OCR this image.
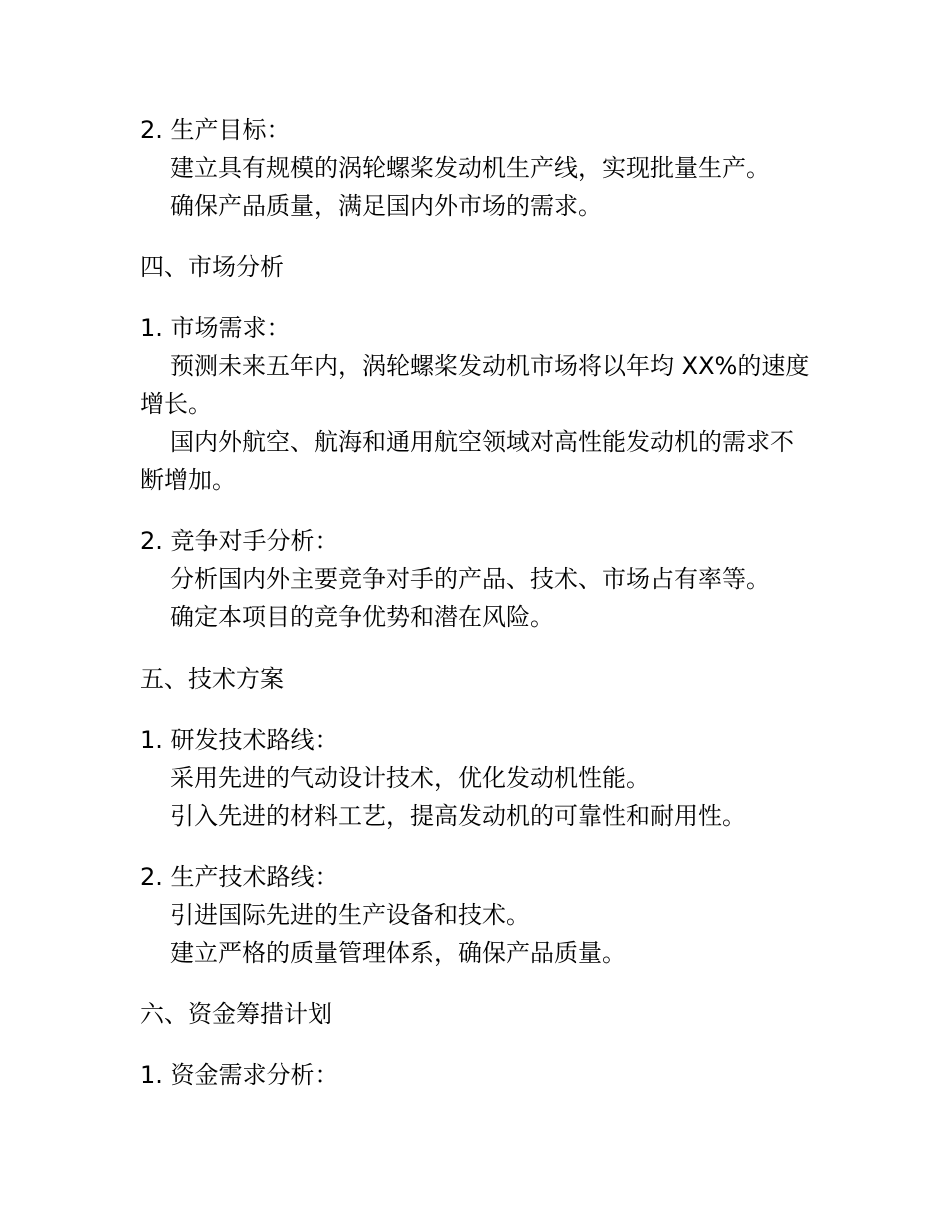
2. 生产目标：
建立具有规模的涡轮螺桨发动机生产线，实现批量生产。
确保产品质量，满足国内外市场的需求。
四、市场分析
1. 市场需求：
预测未来五年内，涡轮螺桨发动机市场将以年均 XX%的速度增长。
国内外航空、航海和通用航空领域对高性能发动机的需求不断增加。
2. 竞争对手分析：
分析国内外主要竞争对手的产品、技术、市场占有率等。
确定本项目的竞争优势和潜在风险。
五、技术方案
1. 研发技术路线：
采用先进的气动设计技术，优化发动机性能。
引入先进的材料工艺，提高发动机的可靠性和耐用性。
2. 生产技术路线：
引进国际先进的生产设备和技术。
建立严格的质量管理体系，确保产品质量。
六、资金筹措计划
1. 资金需求分析：
